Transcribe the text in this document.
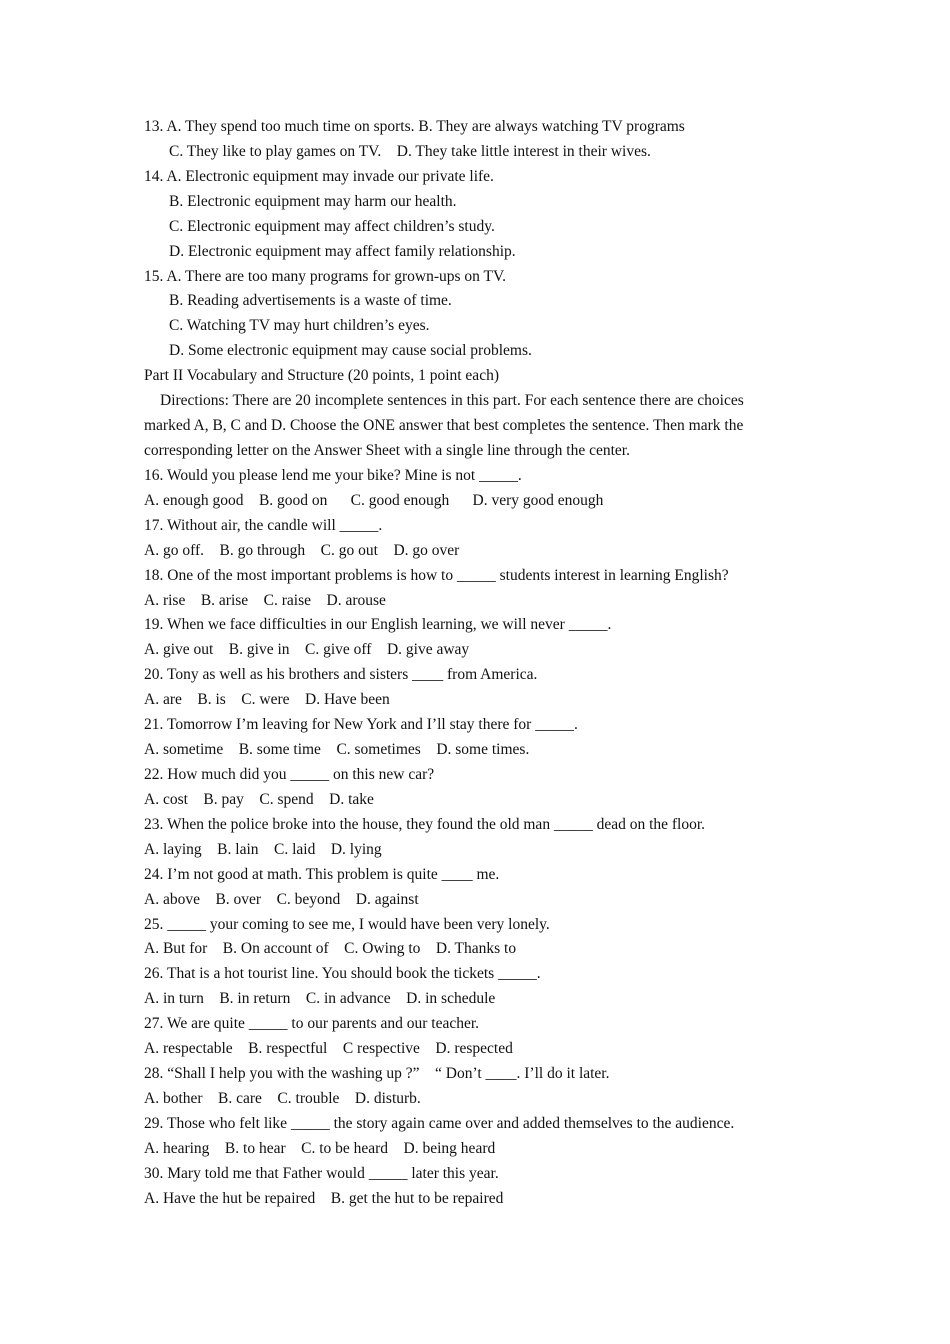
13. A. They spend too much time on sports. B. They are always watching TV programs
C. They like to play games on TV.    D. They take little interest in their wives.
14. A. Electronic equipment may invade our private life.
B. Electronic equipment may harm our health.
C. Electronic equipment may affect children’s study.
D. Electronic equipment may affect family relationship.
15. A. There are too many programs for grown-ups on TV.
B. Reading advertisements is a waste of time.
C. Watching TV may hurt children’s eyes.
D. Some electronic equipment may cause social problems.
Part II Vocabulary and Structure (20 points, 1 point each)
Directions: There are 20 incomplete sentences in this part. For each sentence there are choices
marked A, B, C and D. Choose the ONE answer that best completes the sentence. Then mark the
corresponding letter on the Answer Sheet with a single line through the center.
16. Would you please lend me your bike? Mine is not _____.
A. enough good    B. good on      C. good enough      D. very good enough
17. Without air, the candle will _____.
A. go off.    B. go through    C. go out    D. go over
18. One of the most important problems is how to _____ students interest in learning English?
A. rise    B. arise    C. raise    D. arouse
19. When we face difficulties in our English learning, we will never _____.
A. give out    B. give in    C. give off    D. give away
20. Tony as well as his brothers and sisters ____ from America.
A. are    B. is    C. were    D. Have been
21. Tomorrow I’m leaving for New York and I’ll stay there for _____.
A. sometime    B. some time    C. sometimes    D. some times.
22. How much did you _____ on this new car?
A. cost    B. pay    C. spend    D. take
23. When the police broke into the house, they found the old man _____ dead on the floor.
A. laying    B. lain    C. laid    D. lying
24. I’m not good at math. This problem is quite ____ me.
A. above    B. over    C. beyond    D. against
25. _____ your coming to see me, I would have been very lonely.
A. But for    B. On account of    C. Owing to    D. Thanks to
26. That is a hot tourist line. You should book the tickets _____.
A. in turn    B. in return    C. in advance    D. in schedule
27. We are quite _____ to our parents and our teacher.
A. respectable    B. respectful    C respective    D. respected
28. “Shall I help you with the washing up ?”    “ Don’t ____. I’ll do it later.
A. bother    B. care    C. trouble    D. disturb.
29. Those who felt like _____ the story again came over and added themselves to the audience.
A. hearing    B. to hear    C. to be heard    D. being heard
30. Mary told me that Father would _____ later this year.
A. Have the hut be repaired    B. get the hut to be repaired
